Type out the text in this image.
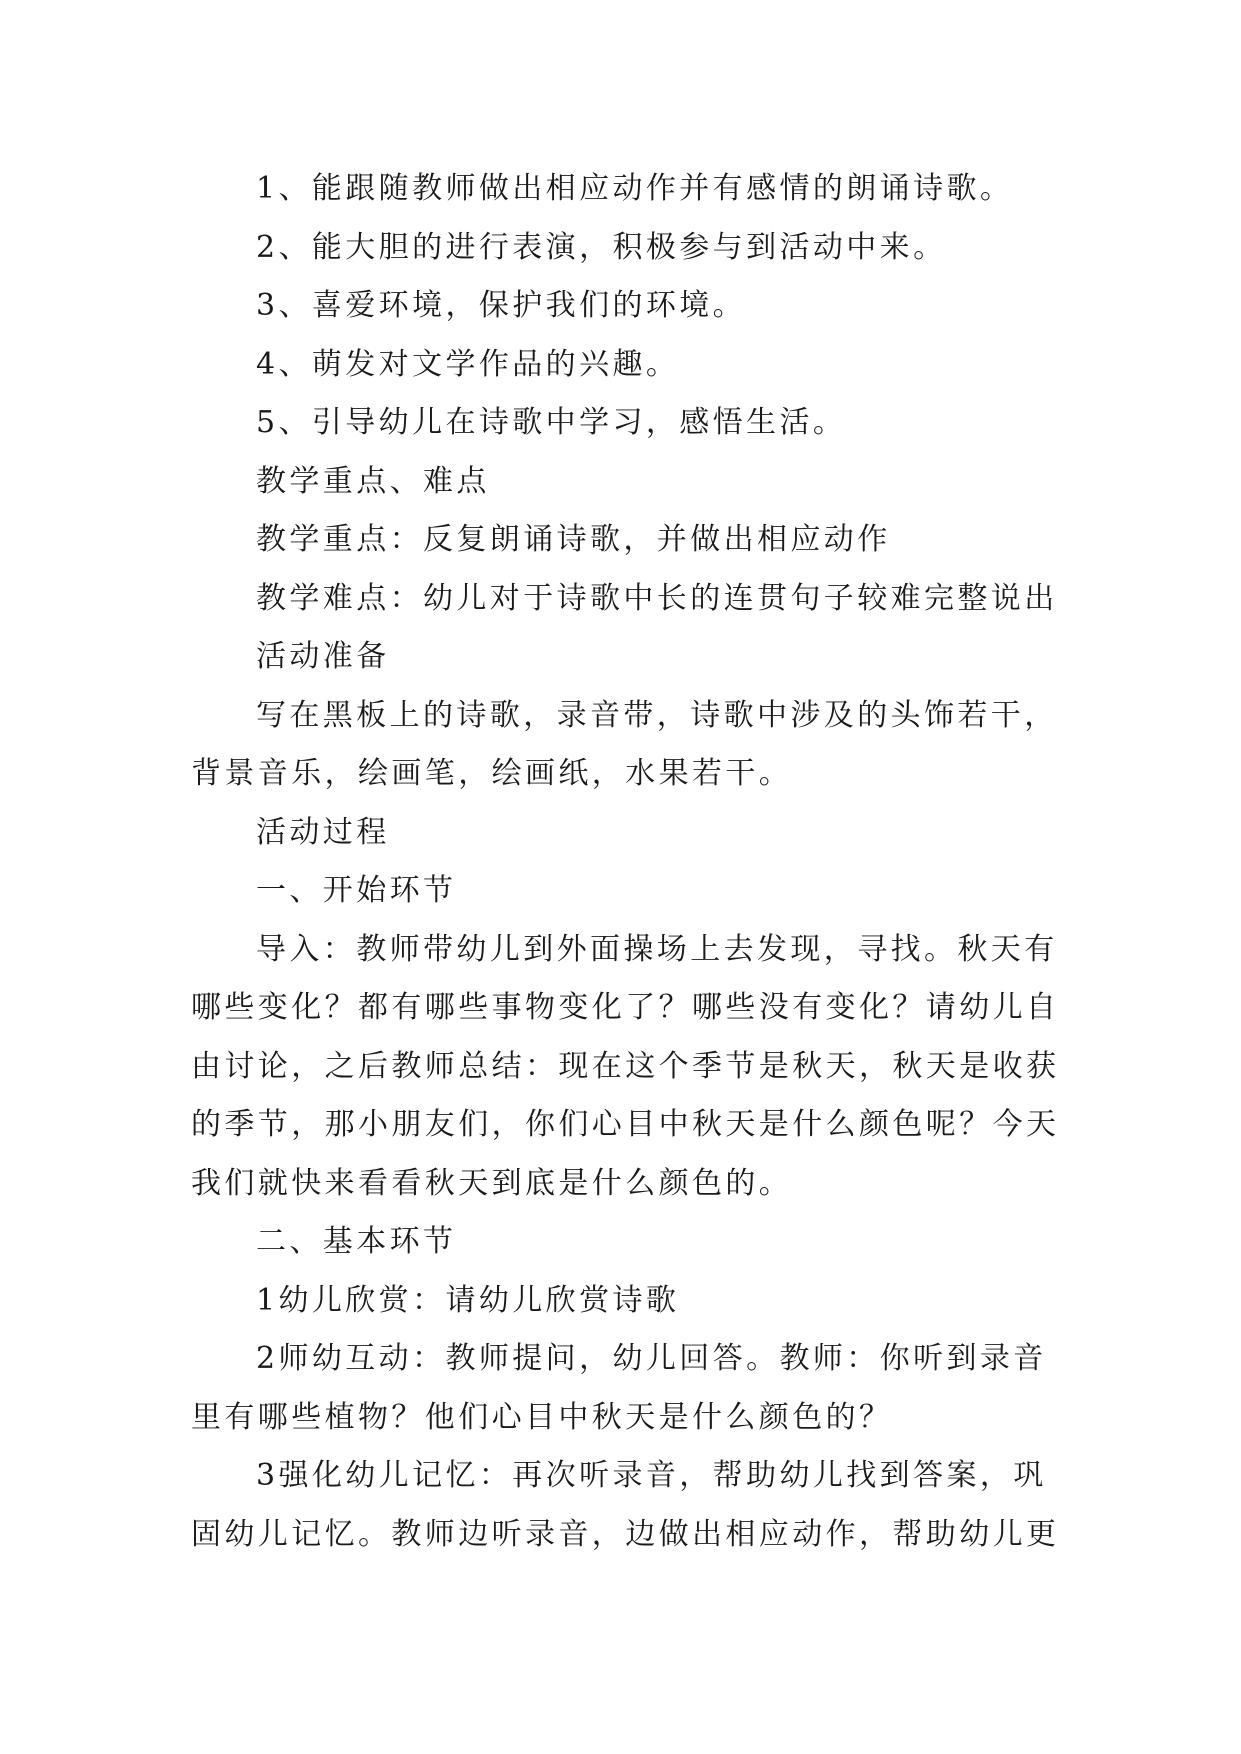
1、能跟随教师做出相应动作并有感情的朗诵诗歌。

2、能大胆的进行表演，积极参与到活动中来。

3、喜爱环境，保护我们的环境。

4、萌发对文学作品的兴趣。

5、引导幼儿在诗歌中学习，感悟生活。

教学重点、难点

教学重点：反复朗诵诗歌，并做出相应动作

教学难点：幼儿对于诗歌中长的连贯句子较难完整说出

活动准备

写在黑板上的诗歌，录音带，诗歌中涉及的头饰若干，背景音乐，绘画笔，绘画纸，水果若干。

活动过程

一、开始环节

导入：教师带幼儿到外面操场上去发现，寻找。秋天有哪些变化？都有哪些事物变化了？哪些没有变化？请幼儿自由讨论，之后教师总结：现在这个季节是秋天，秋天是收获的季节，那小朋友们，你们心目中秋天是什么颜色呢？今天我们就快来看看秋天到底是什么颜色的。

二、基本环节

1幼儿欣赏：请幼儿欣赏诗歌

2师幼互动：教师提问，幼儿回答。教师：你听到录音里有哪些植物？他们心目中秋天是什么颜色的？

3强化幼儿记忆：再次听录音，帮助幼儿找到答案，巩固幼儿记忆。教师边听录音，边做出相应动作，帮助幼儿更
